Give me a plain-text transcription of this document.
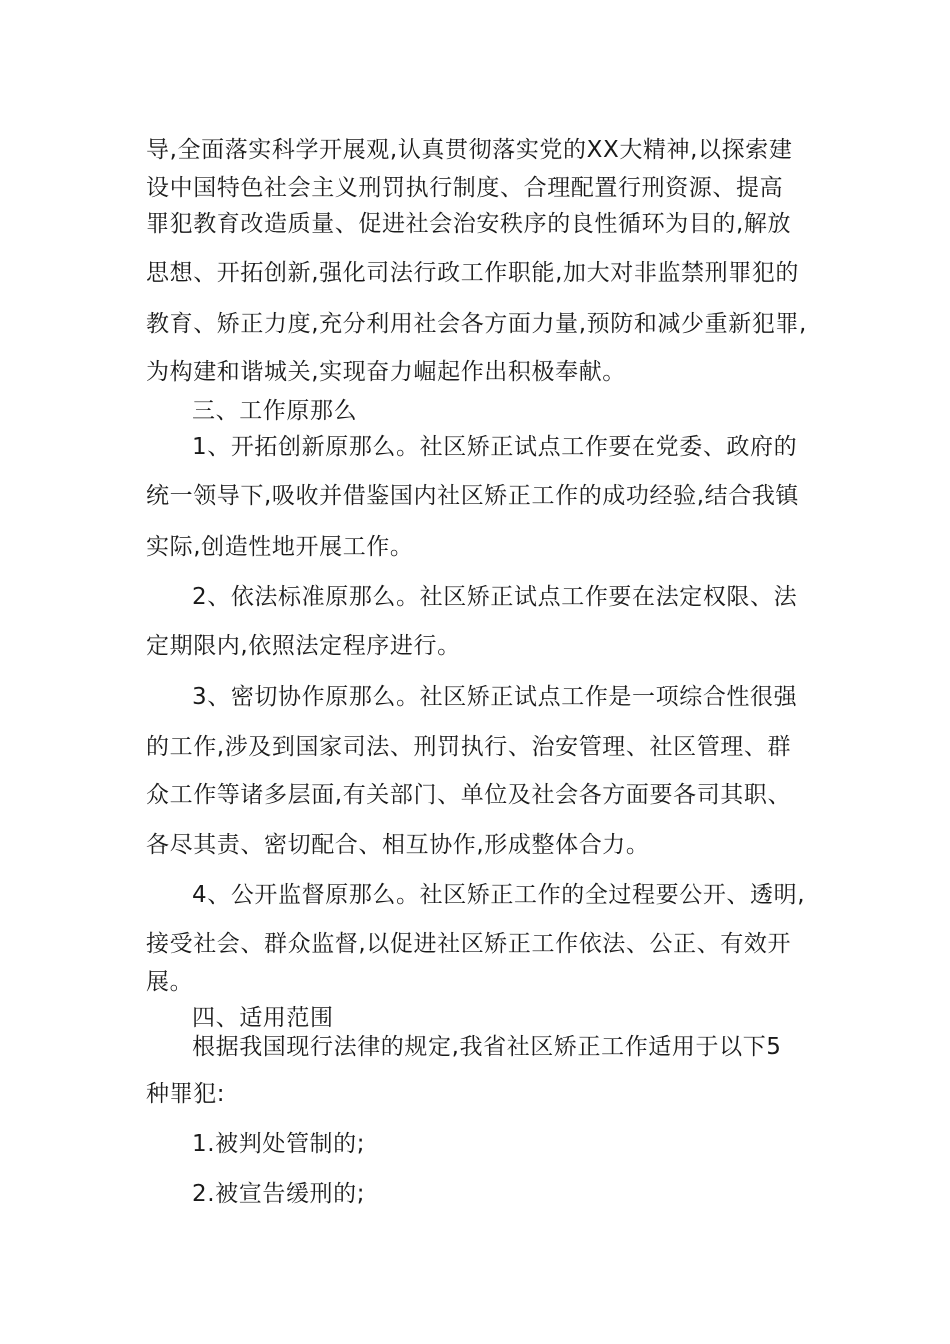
导,全面落实科学开展观,认真贯彻落实党的XX大精神,以探索建
设中国特色社会主义刑罚执行制度、合理配置行刑资源、提高
罪犯教育改造质量、促进社会治安秩序的良性循环为目的,解放
思想、开拓创新,强化司法行政工作职能,加大对非监禁刑罪犯的
教育、矫正力度,充分利用社会各方面力量,预防和减少重新犯罪,
为构建和谐城关,实现奋力崛起作出积极奉献。
三、工作原那么
1、开拓创新原那么。社区矫正试点工作要在党委、政府的
统一领导下,吸收并借鉴国内社区矫正工作的成功经验,结合我镇
实际,创造性地开展工作。
2、依法标准原那么。社区矫正试点工作要在法定权限、法
定期限内,依照法定程序进行。
3、密切协作原那么。社区矫正试点工作是一项综合性很强
的工作,涉及到国家司法、刑罚执行、治安管理、社区管理、群
众工作等诸多层面,有关部门、单位及社会各方面要各司其职、
各尽其责、密切配合、相互协作,形成整体合力。
4、公开监督原那么。社区矫正工作的全过程要公开、透明,
接受社会、群众监督,以促进社区矫正工作依法、公正、有效开
展。
四、适用范围
根据我国现行法律的规定,我省社区矫正工作适用于以下5
种罪犯:
1.被判处管制的;
2.被宣告缓刑的;
